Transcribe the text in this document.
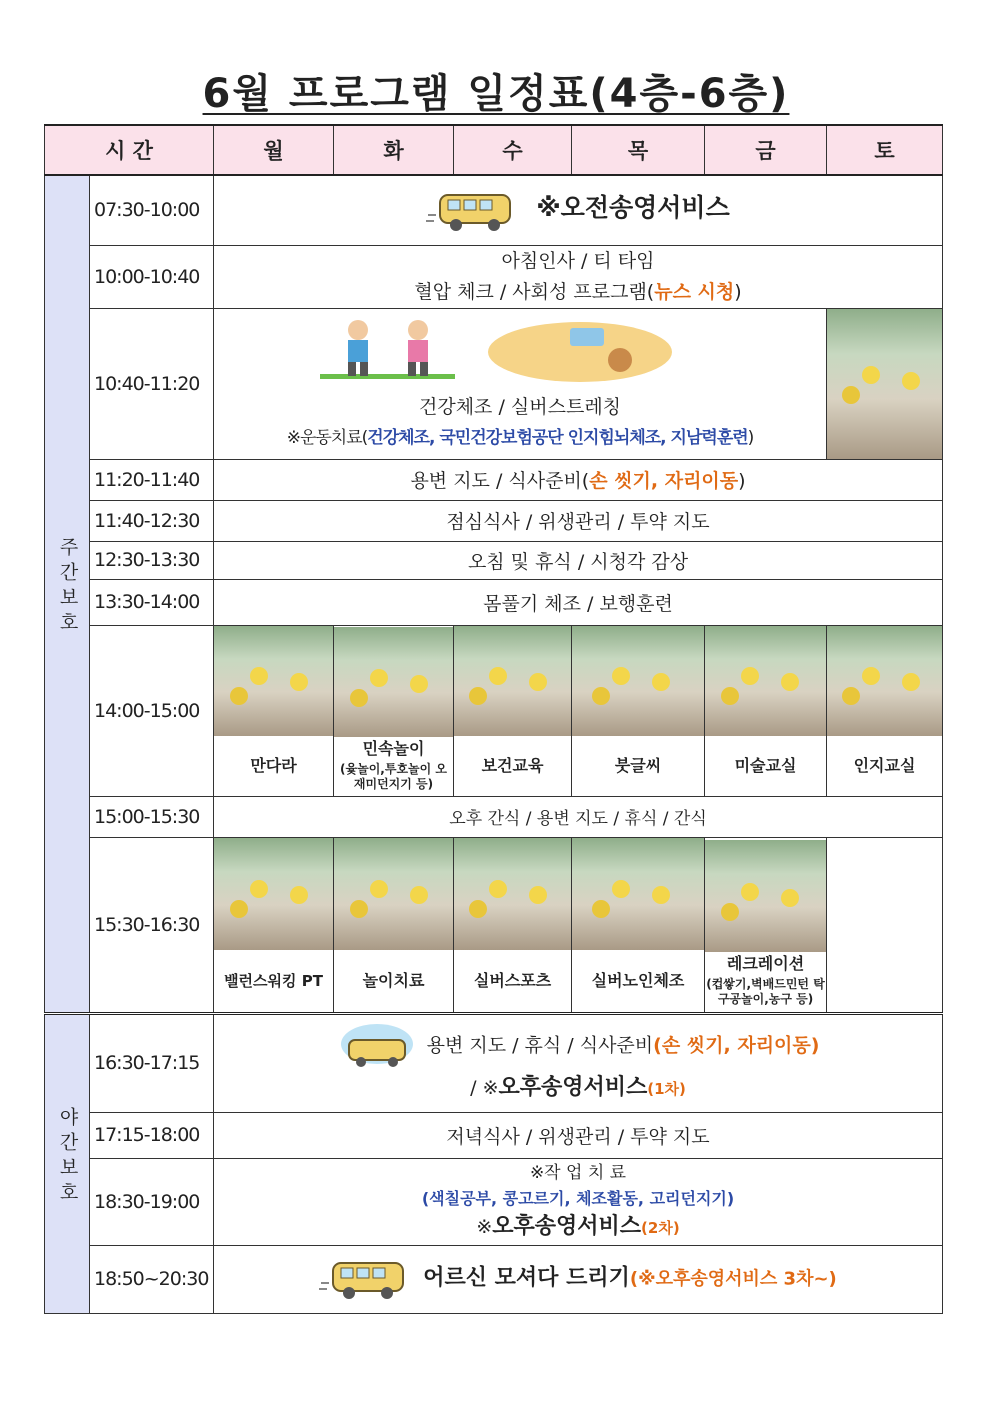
6월 프로그램 일정표(4층-6층)
시 간		월	화	수	목	금	토
주간보호	07:30-10:00	※오전송영서비스					
	10:00-10:40	아침인사 / 티 타임
혈압 체크 / 사회성 프로그램(뉴스 시청)					

	10:40-11:20	건강체조 / 실버스트레칭
※운동치료(건강체조, 국민건강보험공단 인지힘뇌체조, 지남력훈련)					

	11:20-11:40	용변 지도 / 식사준비(손 씻기, 자리이동)					
	11:40-12:30	점심식사 / 위생관리 / 투약 지도					
	12:30-13:30	오침 및 휴식 / 시청각 감상					
	13:30-14:00	몸풀기 체조 / 보행훈련					
	14:00-15:00	만다라	민속놀이
(윷놀이,투호놀이 오재미던지기 등)	보건교육	붓글씨	미술교실	인지교실

	15:00-15:30	오후 간식 / 용변 지도 / 휴식 / 간식					
	15:30-16:30	밸런스워킹 PT	놀이치료	실버스포츠	실버노인체조	레크레이션
(컵쌓기,벽배드민턴 탁구공놀이,농구 등)	

야간보호	16:30-17:15	용변 지도 / 휴식 / 식사준비(손 씻기, 자리이동)
/ ※오후송영서비스(1차)					

	17:15-18:00	저녁식사 / 위생관리 / 투약 지도					
	18:30-19:00	※작 업 치 료
(색칠공부, 콩고르기, 체조활동, 고리던지기)
※오후송영서비스(2차)					

	18:50~20:30	어르신 모셔다 드리기(※오후송영서비스 3차~)					
